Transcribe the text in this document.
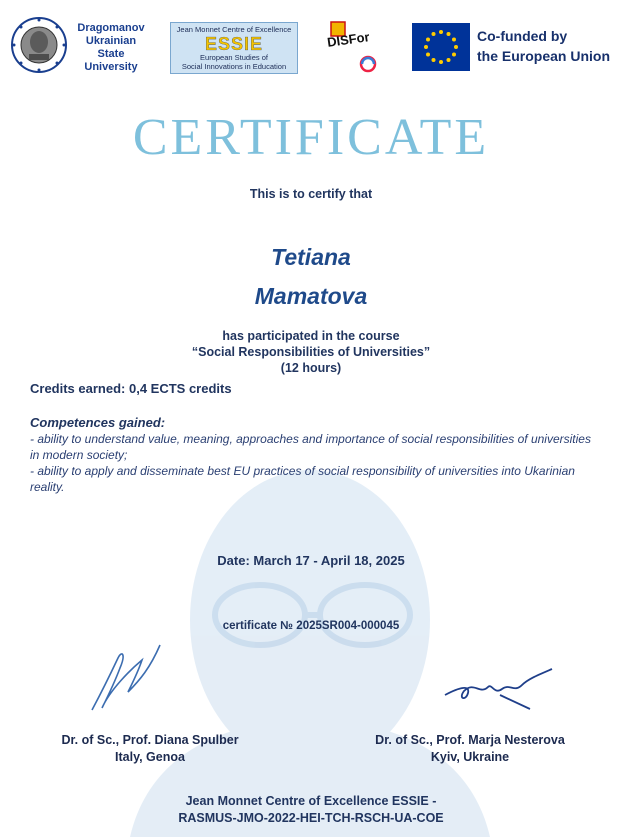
Dragomanov
Ukrainian
State
University
Jean Monnet Centre of Excellence
ESSIE
European Studies of
Social Innovations in Education
DISFor	Co-funded by
the European Union
CERTIFICATE
This is to certify that
Tetiana
Mamatova
has participated in the course
“Social Responsibilities of Universities”
(12 hours)
Credits earned: 0,4 ECTS credits
Competences gained:
- ability to understand value, meaning, approaches and importance of social responsibilities of universities in modern society;
- ability to apply and disseminate best EU practices of social responsibility of universities into Ukarinian reality.
Date: March 17 - April 18, 2025
certificate № 2025SR004-000045
Dr. of Sc., Prof. Diana Spulber
Italy, Genoa
Dr. of Sc., Prof. Marja Nesterova
Kyiv, Ukraine
Jean Monnet Centre of Excellence ESSIE -
RASMUS-JMO-2022-HEI-TCH-RSCH-UA-COE
